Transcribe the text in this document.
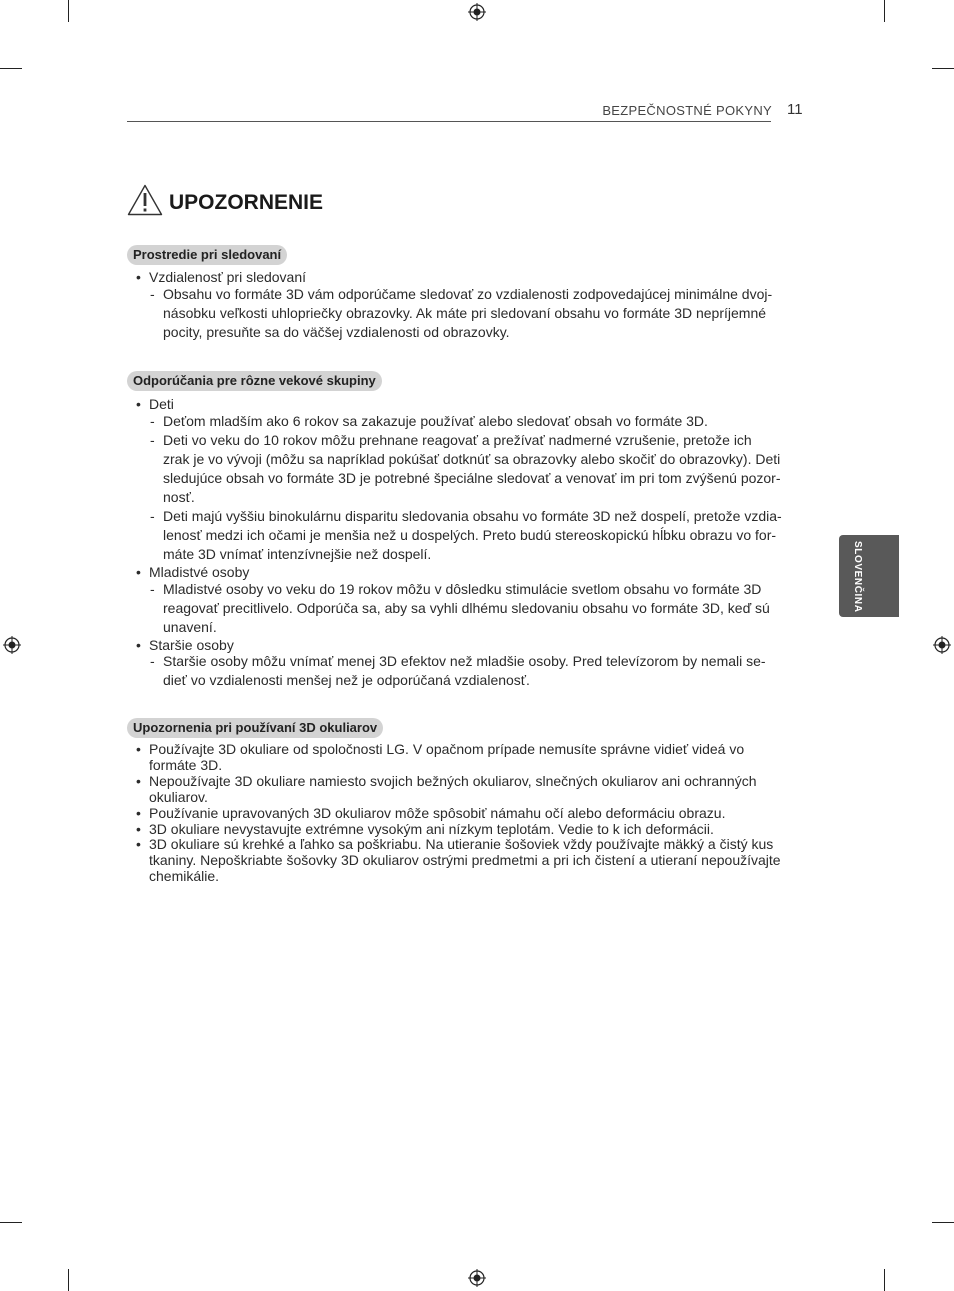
BEZPEČNOSTNÉ POKYNY 11
UPOZORNENIE
SLOVENČINA
Prostredie pri sledovaní
• Vzdialenosť pri sledovaní
- Obsahu vo formáte 3D vám odporúčame sledovať zo vzdialenosti zodpovedajúcej minimálne dvoj-
násobku veľkosti uhlopriečky obrazovky. Ak máte pri sledovaní obsahu vo formáte 3D nepríjemné
pocity, presuňte sa do väčšej vzdialenosti od obrazovky.
Odporúčania pre rôzne vekové skupiny
• Deti
- Deťom mladším ako 6 rokov sa zakazuje používať alebo sledovať obsah vo formáte 3D.
- Deti vo veku do 10 rokov môžu prehnane reagovať a prežívať nadmerné vzrušenie, pretože ich
zrak je vo vývoji (môžu sa napríklad pokúšať dotknúť sa obrazovky alebo skočiť do obrazovky). Deti
sledujúce obsah vo formáte 3D je potrebné špeciálne sledovať a venovať im pri tom zvýšenú pozor-
nosť.
- Deti majú vyššiu binokulárnu disparitu sledovania obsahu vo formáte 3D než dospelí, pretože vzdia-
lenosť medzi ich očami je menšia než u dospelých. Preto budú stereoskopickú hĺbku obrazu vo for-
máte 3D vnímať intenzívnejšie než dospelí.
• Mladistvé osoby
- Mladistvé osoby vo veku do 19 rokov môžu v dôsledku stimulácie svetlom obsahu vo formáte 3D
reagovať precitlivelo. Odporúča sa, aby sa vyhli dlhému sledovaniu obsahu vo formáte 3D, keď sú
unavení.
• Staršie osoby
- Staršie osoby môžu vnímať menej 3D efektov než mladšie osoby. Pred televízorom by nemali se-
dieť vo vzdialenosti menšej než je odporúčaná vzdialenosť.
Upozornenia pri používaní 3D okuliarov
• Používajte 3D okuliare od spoločnosti LG. V opačnom prípade nemusíte správne vidieť videá vo
formáte 3D.
• Nepoužívajte 3D okuliare namiesto svojich bežných okuliarov, slnečných okuliarov ani ochranných
okuliarov.
• Používanie upravovaných 3D okuliarov môže spôsobiť námahu očí alebo deformáciu obrazu.
• 3D okuliare nevystavujte extrémne vysokým ani nízkym teplotám. Vedie to k ich deformácii.
• 3D okuliare sú krehké a ľahko sa poškriabu. Na utieranie šošoviek vždy používajte mäkký a čistý kus
tkaniny. Nepoškriabte šošovky 3D okuliarov ostrými predmetmi a pri ich čistení a utieraní nepoužívajte
chemikálie.
